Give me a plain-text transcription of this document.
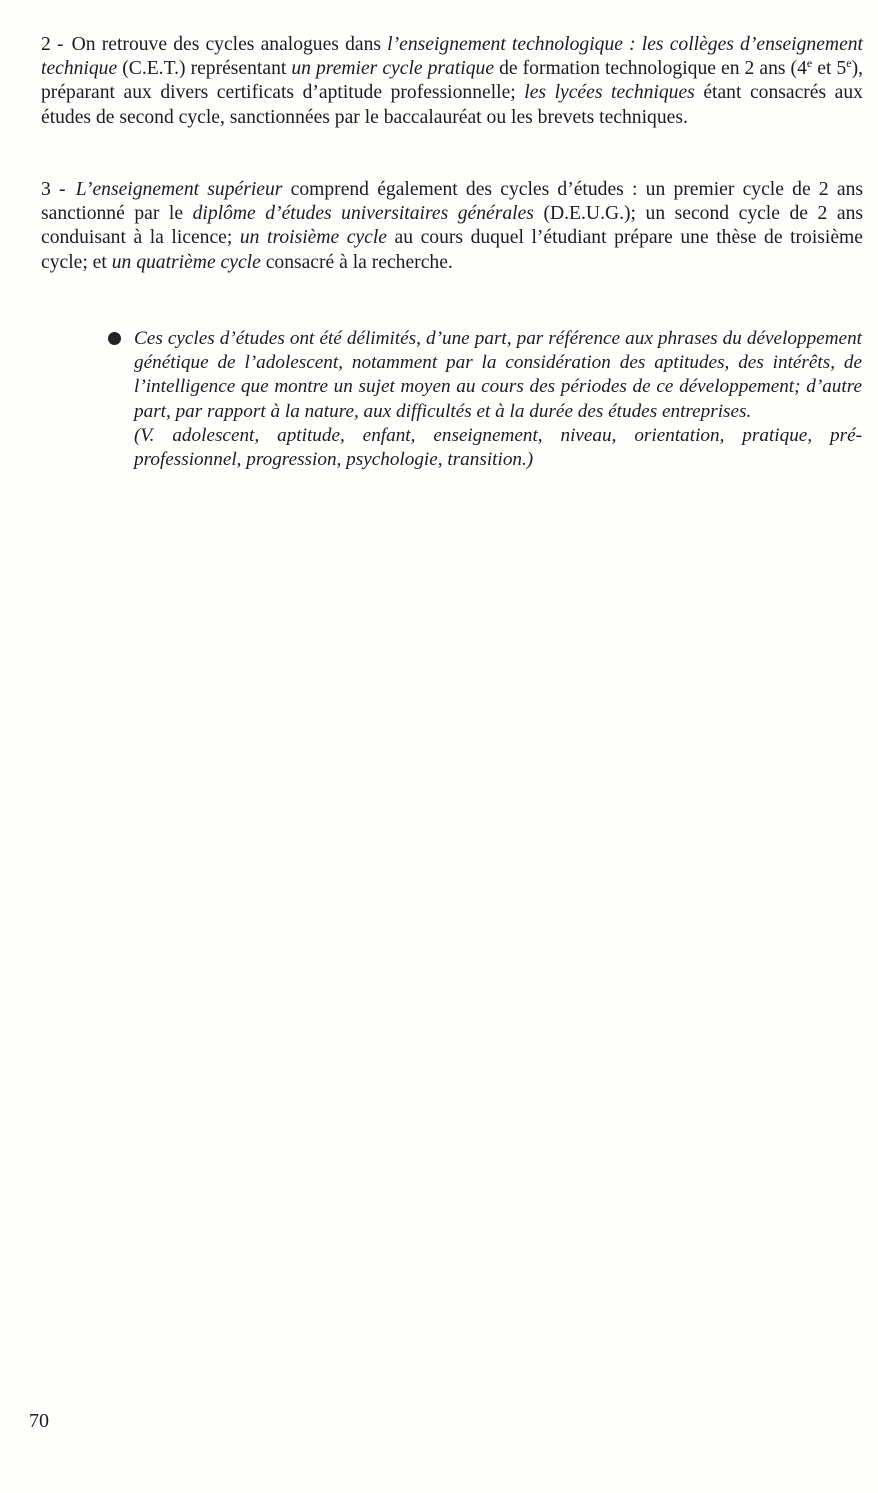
2 - On retrouve des cycles analogues dans l’enseignement technologique : les collèges d’enseignement technique (C.E.T.) représentant un premier cycle pratique de formation technologique en 2 ans (4e et 5e), préparant aux divers certificats d’aptitude professionnelle; les lycées techniques étant consacrés aux études de second cycle, sanctionnées par le baccalauréat ou les brevets techniques.
3 - L’enseignement supérieur comprend également des cycles d’études : un premier cycle de 2 ans sanctionné par le diplôme d’études universitaires générales (D.E.U.G.); un second cycle de 2 ans conduisant à la licence; un troisième cycle au cours duquel l’étudiant prépare une thèse de troisième cycle; et un quatrième cycle consacré à la recherche.

Ces cycles d’études ont été délimités, d’une part, par référence aux phrases du développement génétique de l’adolescent, notamment par la considération des aptitudes, des intérêts, de l’intelligence que montre un sujet moyen au cours des périodes de ce développement; d’autre part, par rapport à la nature, aux difficultés et à la durée des études entreprises.

(V. adolescent, aptitude, enfant, enseignement, niveau, orientation, pratique, pré-professionnel, progression, psychologie, transition.)
70
